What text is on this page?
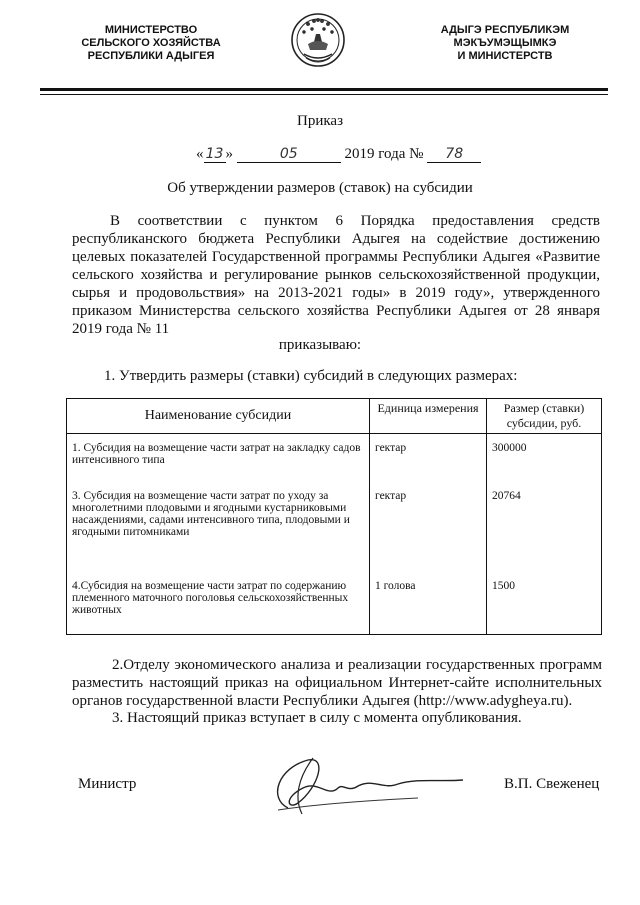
МИНИСТЕРСТВО
СЕЛЬСКОГО ХОЗЯЙСТВА
РЕСПУБЛИКИ АДЫГЕЯ
АДЫГЭ РЕСПУБЛИКЭМ
МЭКЪУМЭЩЫМКЭ
И МИНИСТЕРСТВ
Приказ
« 13 »	05	2019 года № 78
Об утверждении размеров (ставок) на субсидии
В соответствии с пунктом 6 Порядка предоставления средств республиканского бюджета Республики Адыгея на содействие достижению целевых показателей Государственной программы Республики Адыгея «Развитие сельского хозяйства и регулирование рынков сельскохозяйственной продукции, сырья и продовольствия» на 2013-2021 годы» в 2019 году», утвержденного приказом Министерства сельского хозяйства Республики Адыгея от 28 января 2019 года № 11
приказываю:
1. Утвердить размеры (ставки) субсидий в следующих размерах:
Наименование субсидии	Единица измерения	Размер (ставки) субсидии, руб.
1. Субсидия на возмещение части затрат на закладку садов интенсивного типа	гектар	300000
3. Субсидия на возмещение части затрат по уходу за многолетними плодовыми и ягодными кустарниковыми насаждениями, садами интенсивного типа, плодовыми и ягодными питомниками	гектар	20764
4.Субсидия на возмещение части затрат по содержанию племенного маточного поголовья сельскохозяйственных животных	1 голова	1500
2.Отделу экономического анализа и реализации государственных программ разместить настоящий приказ на официальном Интернет-сайте исполнительных органов государственной власти Республики Адыгея (http://www.adygheya.ru).
3. Настоящий приказ вступает в силу с момента опубликования.
Министр	В.П. Свеженец
